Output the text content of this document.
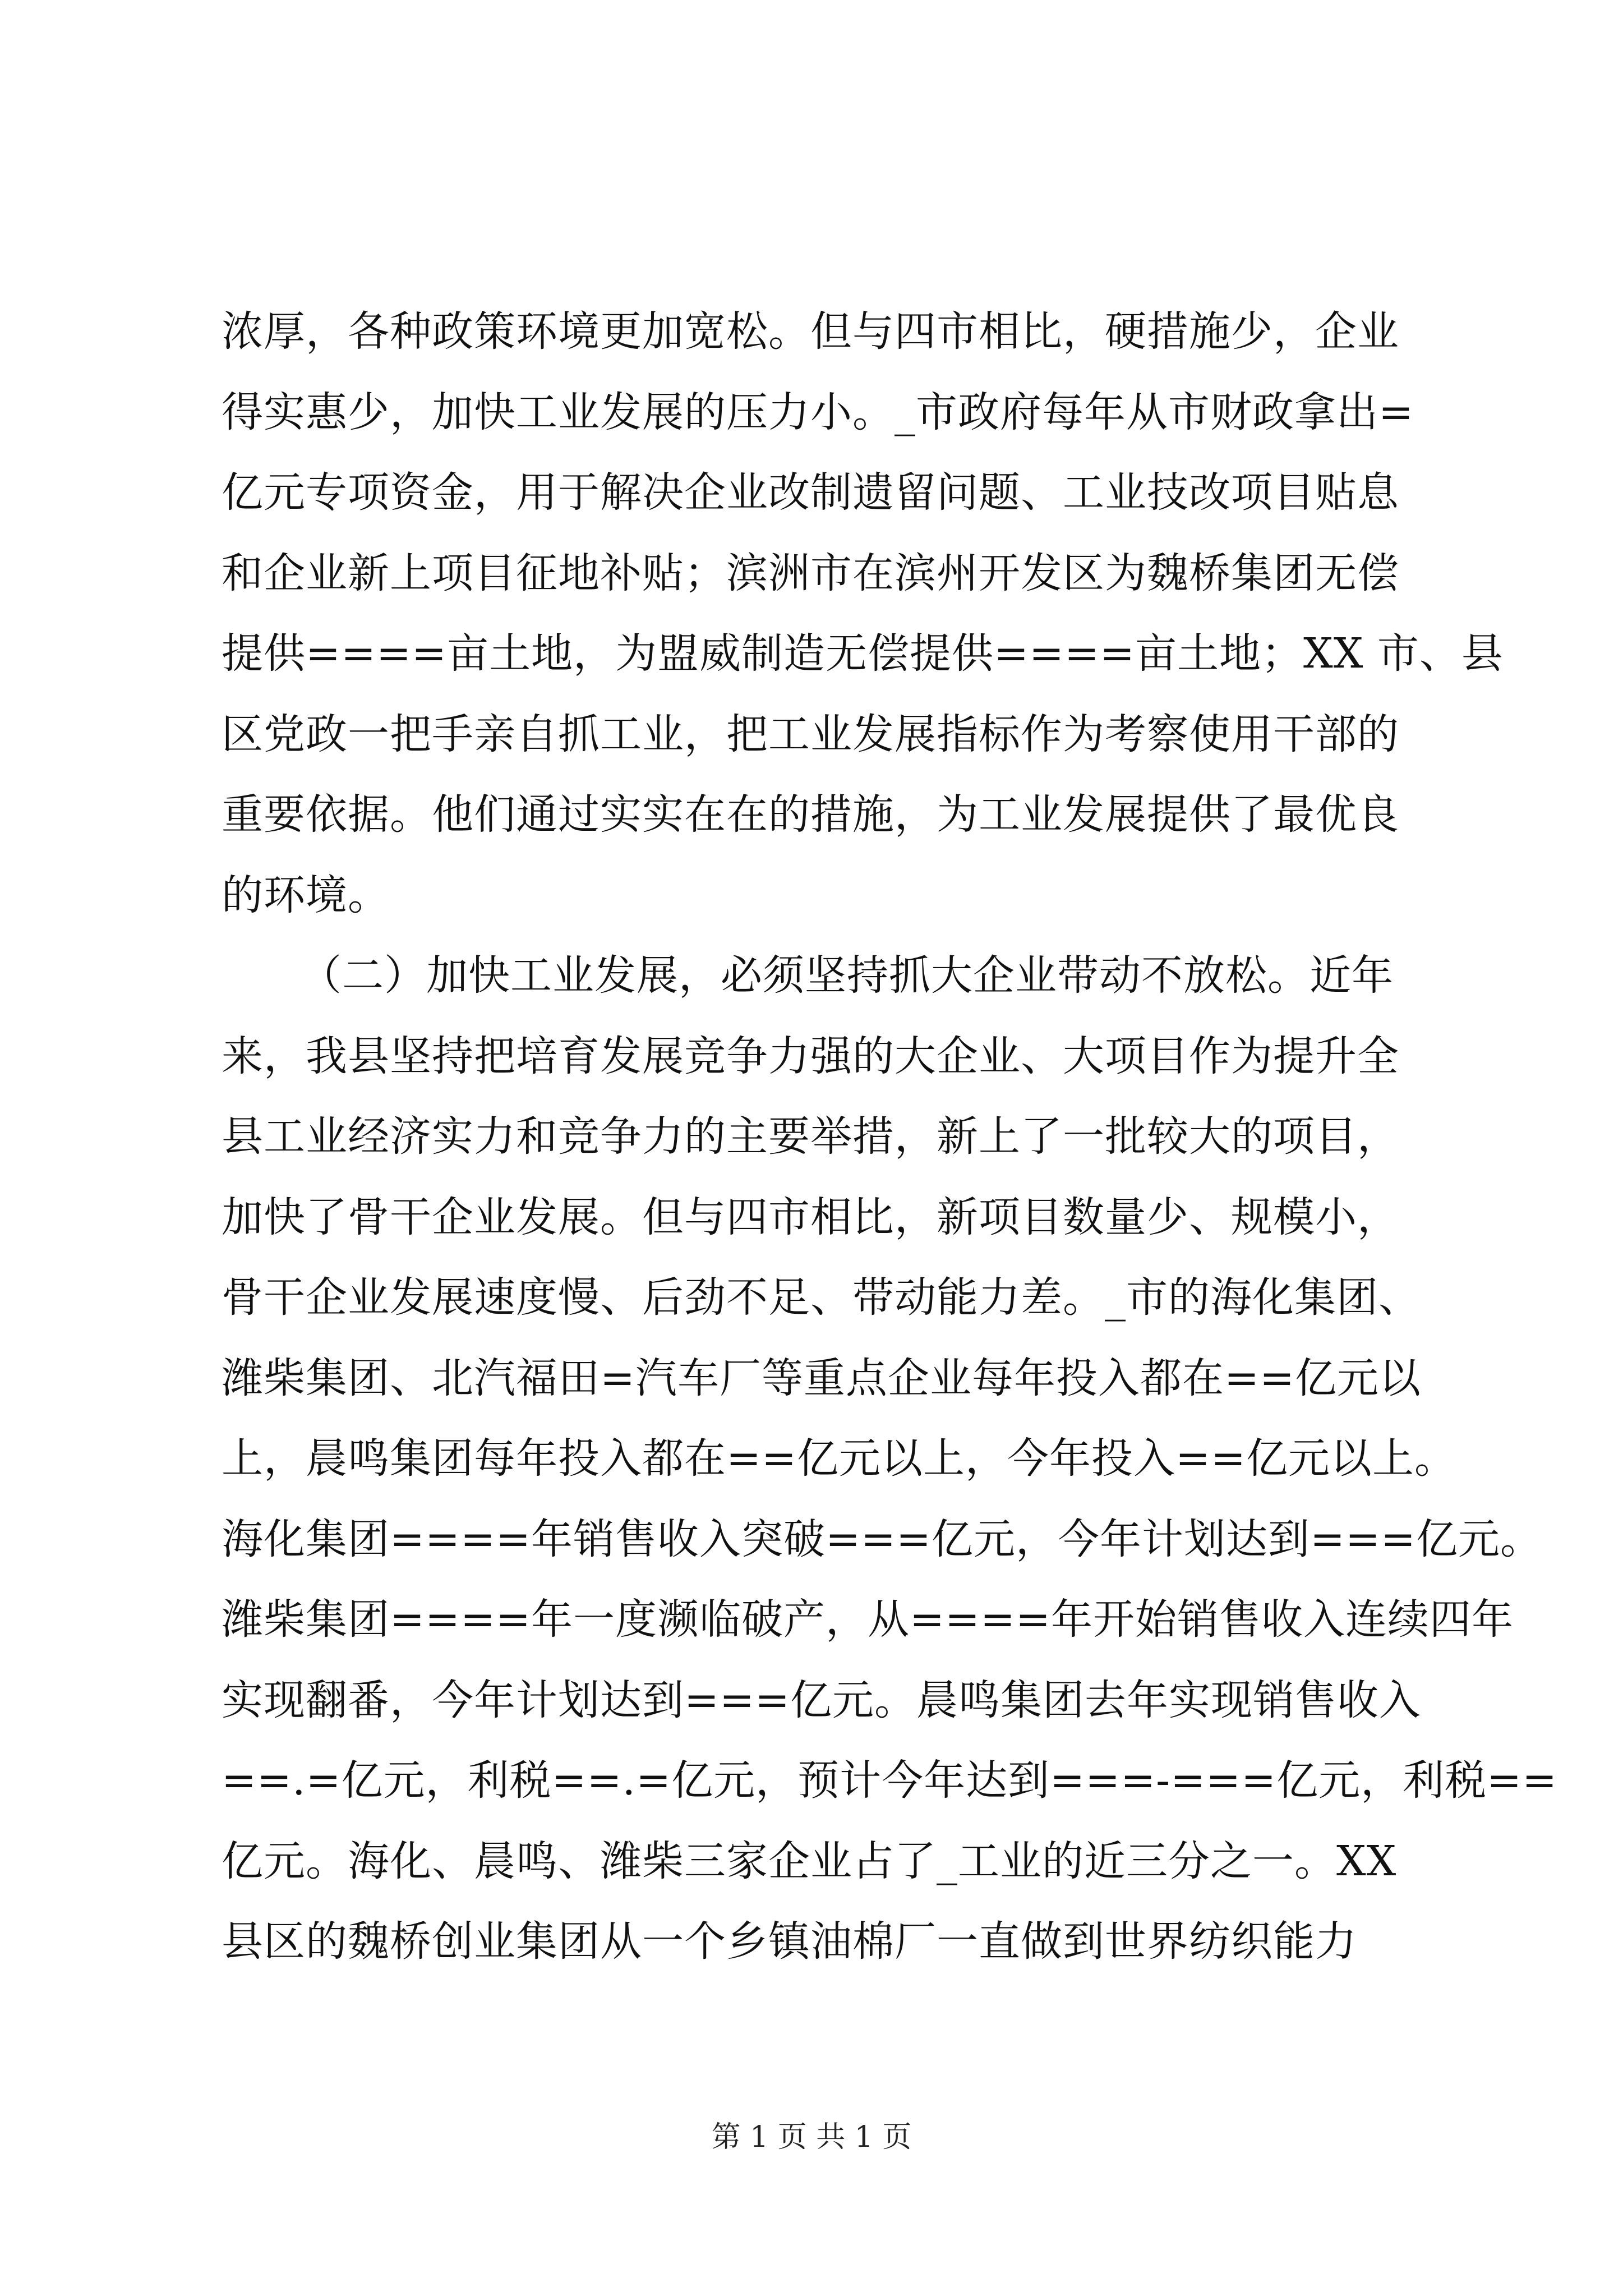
浓厚，各种政策环境更加宽松。但与四市相比，硬措施少，企业
得实惠少，加快工业发展的压力小。_市政府每年从市财政拿出=
亿元专项资金，用于解决企业改制遗留问题、工业技改项目贴息
和企业新上项目征地补贴；滨洲市在滨州开发区为魏桥集团无偿
提供====亩土地，为盟威制造无偿提供====亩土地；XX 市、县
区党政一把手亲自抓工业，把工业发展指标作为考察使用干部的
重要依据。他们通过实实在在的措施，为工业发展提供了最优良
的环境。
（二）加快工业发展，必须坚持抓大企业带动不放松。近年
来，我县坚持把培育发展竞争力强的大企业、大项目作为提升全
县工业经济实力和竞争力的主要举措，新上了一批较大的项目，
加快了骨干企业发展。但与四市相比，新项目数量少、规模小，
骨干企业发展速度慢、后劲不足、带动能力差。_市的海化集团、
潍柴集团、北汽福田=汽车厂等重点企业每年投入都在==亿元以
上，晨鸣集团每年投入都在==亿元以上，今年投入==亿元以上。
海化集团====年销售收入突破===亿元，今年计划达到===亿元。
潍柴集团====年一度濒临破产，从====年开始销售收入连续四年
实现翻番，今年计划达到===亿元。晨鸣集团去年实现销售收入
==.=亿元，利税==.=亿元，预计今年达到===-===亿元，利税==
亿元。海化、晨鸣、潍柴三家企业占了_工业的近三分之一。XX
县区的魏桥创业集团从一个乡镇油棉厂一直做到世界纺织能力
第 1 页 共 1 页
